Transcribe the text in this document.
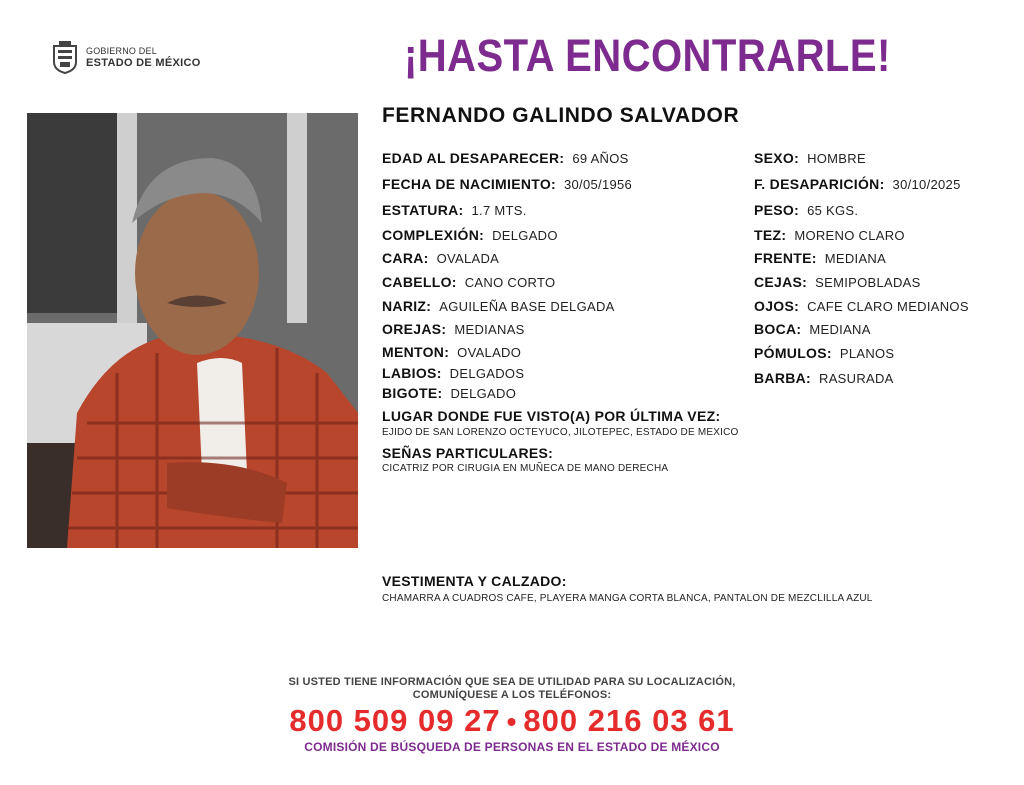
GOBIERNO DEL
ESTADO DE MÉXICO	¡HASTA ENCONTRARLE!
FERNANDO GALINDO SALVADOR
EDAD AL DESAPARECER: 69 AÑOS
FECHA DE NACIMIENTO: 30/05/1956
ESTATURA: 1.7 MTS.
COMPLEXIÓN: DELGADO
CARA: OVALADA
CABELLO: CANO CORTO
NARIZ: AGUILEÑA BASE DELGADA
OREJAS: MEDIANAS
MENTON: OVALADO
LABIOS: DELGADOS
BIGOTE: DELGADO
SEXO: HOMBRE
F. DESAPARICIÓN: 30/10/2025
PESO: 65 KGS.
TEZ: MORENO CLARO
FRENTE: MEDIANA
CEJAS: SEMIPOBLADAS
OJOS: CAFE CLARO MEDIANOS
BOCA: MEDIANA
PÓMULOS: PLANOS
BARBA: RASURADA
LUGAR DONDE FUE VISTO(A) POR ÚLTIMA VEZ:
EJIDO DE SAN LORENZO OCTEYUCO, JILOTEPEC, ESTADO DE MEXICO
SEÑAS PARTICULARES:
CICATRIZ POR CIRUGIA EN MUÑECA DE MANO DERECHA
VESTIMENTA Y CALZADO:
CHAMARRA A CUADROS CAFE, PLAYERA MANGA CORTA BLANCA, PANTALON DE MEZCLILLA AZUL
SI USTED TIENE INFORMACIÓN QUE SEA DE UTILIDAD PARA SU LOCALIZACIÓN,
COMUNÍQUESE A LOS TELÉFONOS:
800 509 09 27 • 800 216 03 61
COMISIÓN DE BÚSQUEDA DE PERSONAS EN EL ESTADO DE MÉXICO
